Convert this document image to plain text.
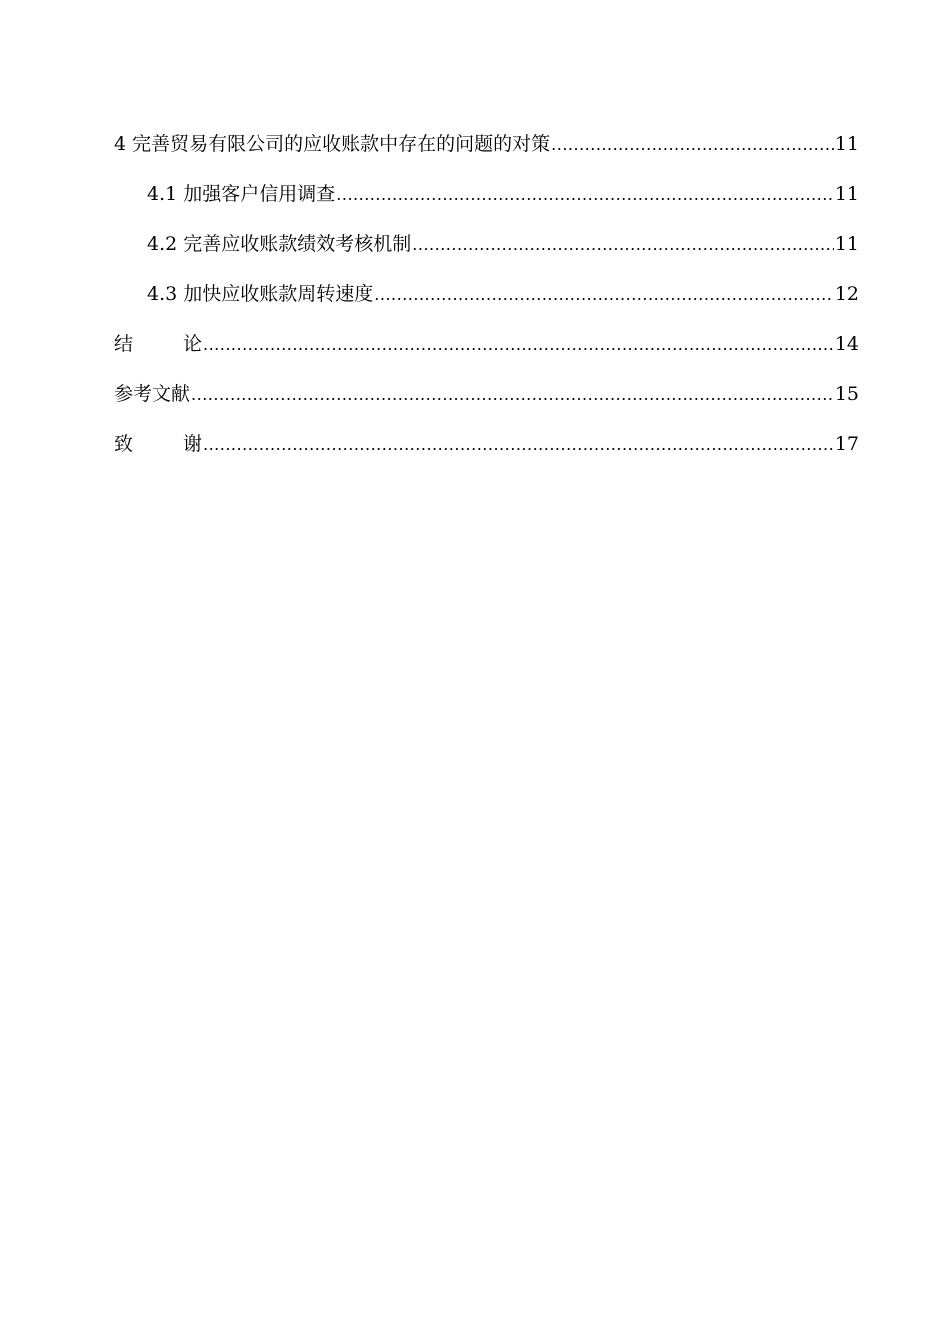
4 完善贸易有限公司的应收账款中存在的问题的对策 .....	11
4.1 加强客户信用调查 .....	11
4.2 完善应收账款绩效考核机制 .....	11
4.3 加快应收账款周转速度 .....	12
结　论 .....	14
参考文献 .....	15
致　谢 .....	17
